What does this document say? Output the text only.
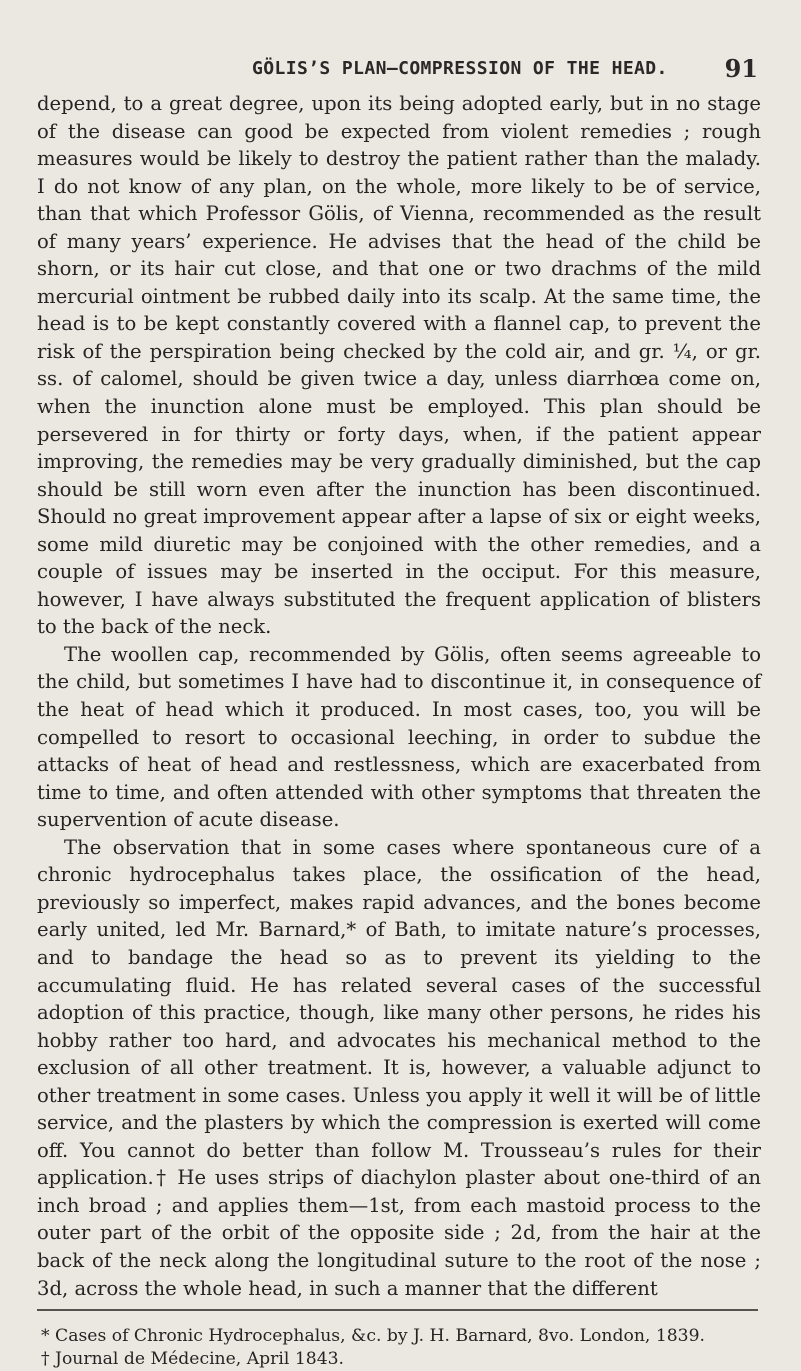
GÖLIS’S PLAN—COMPRESSION OF THE HEAD. 91

depend, to a great degree, upon its being adopted early, but in no stage of the disease can good be expected from violent remedies ; rough measures would be likely to destroy the patient rather than the malady. I do not know of any plan, on the whole, more likely to be of service, than that which Professor Gölis, of Vienna, recommended as the result of many years’ experience. He advises that the head of the child be shorn, or its hair cut close, and that one or two drachms of the mild mercurial ointment be rubbed daily into its scalp. At the same time, the head is to be kept constantly covered with a flannel cap, to prevent the risk of the perspiration being checked by the cold air, and gr. ¼, or gr. ss. of calomel, should be given twice a day, unless diarrhœa come on, when the inunction alone must be employed. This plan should be persevered in for thirty or forty days, when, if the patient appear improving, the remedies may be very gradually diminished, but the cap should be still worn even after the inunction has been discontinued. Should no great improvement appear after a lapse of six or eight weeks, some mild diuretic may be conjoined with the other remedies, and a couple of issues may be inserted in the occiput. For this measure, however, I have always substituted the frequent application of blisters to the back of the neck.

The woollen cap, recommended by Gölis, often seems agreeable to the child, but sometimes I have had to discontinue it, in consequence of the heat of head which it produced. In most cases, too, you will be compelled to resort to occasional leeching, in order to subdue the attacks of heat of head and restlessness, which are exacerbated from time to time, and often attended with other symptoms that threaten the supervention of acute disease.

The observation that in some cases where spontaneous cure of a chronic hydrocephalus takes place, the ossification of the head, previously so imperfect, makes rapid advances, and the bones become early united, led Mr. Barnard,* of Bath, to imitate nature’s processes, and to bandage the head so as to prevent its yielding to the accumulating fluid. He has related several cases of the successful adoption of this practice, though, like many other persons, he rides his hobby rather too hard, and advocates his mechanical method to the exclusion of all other treatment. It is, however, a valuable adjunct to other treatment in some cases. Unless you apply it well it will be of little service, and the plasters by which the compression is exerted will come off. You cannot do better than follow M. Trousseau’s rules for their application.† He uses strips of diachylon plaster about one-third of an inch broad ; and applies them—1st, from each mastoid process to the outer part of the orbit of the opposite side ; 2d, from the hair at the back of the neck along the longitudinal suture to the root of the nose ; 3d, across the whole head, in such a manner that the different

* Cases of Chronic Hydrocephalus, &c. by J. H. Barnard, 8vo. London, 1839.

† Journal de Médecine, April 1843.
